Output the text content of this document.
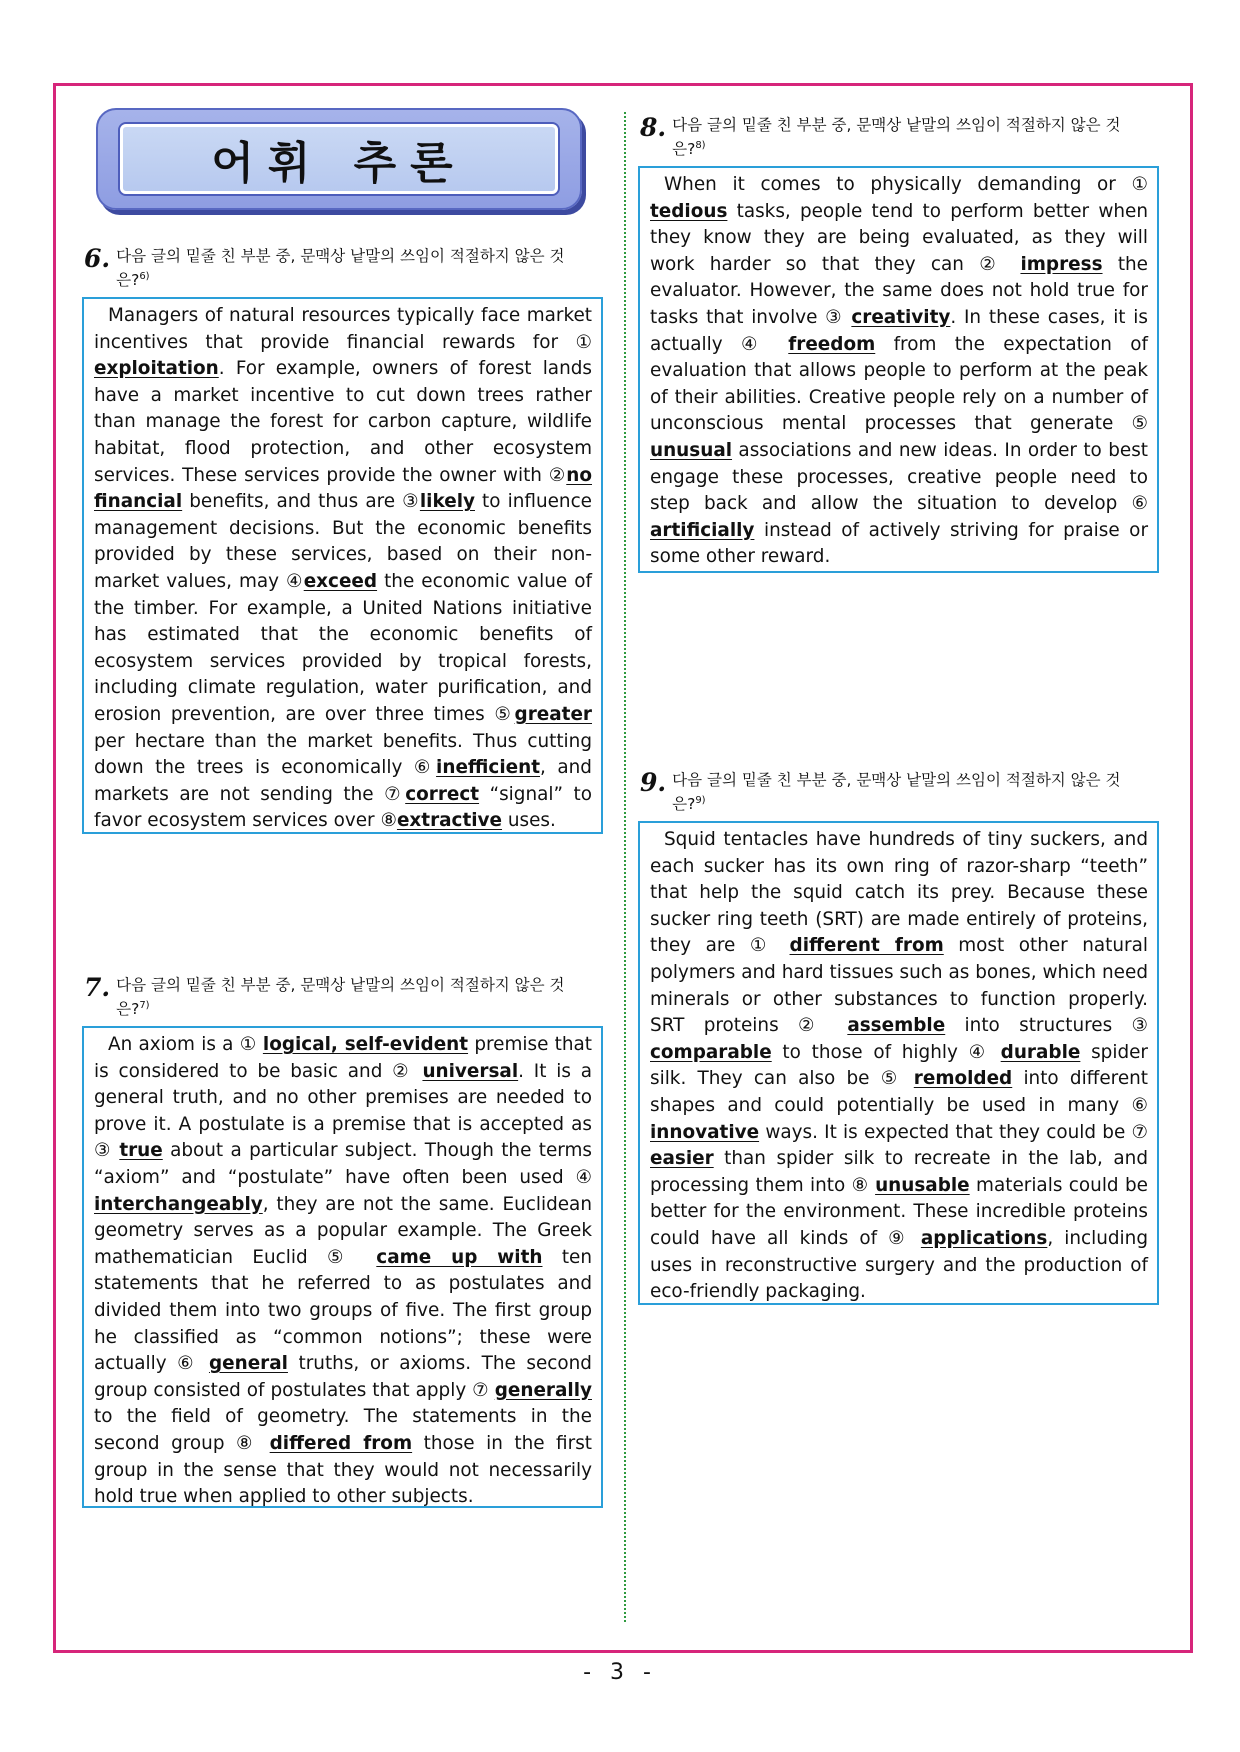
어휘 추론
6. 다음 글의 밑줄 친 부분 중, 문맥상 낱말의 쓰임이 적절하지 않은 것
은?$^{6)}$
Managers of natural resources typically face market incentives that provide financial rewards for ① exploitation. For example, owners of forest lands have a market incentive to cut down trees rather than manage the forest for carbon capture, wildlife habitat, flood protection, and other ecosystem services. These services provide the owner with ②no financial benefits, and thus are ③likely to influence management decisions. But the economic benefits provided by these services, based on their non-market values, may ④exceed the economic value of the timber. For example, a United Nations initiative has estimated that the economic benefits of ecosystem services provided by tropical forests, including climate regulation, water purification, and erosion prevention, are over three times ⑤greater per hectare than the market benefits. Thus cutting down the trees is economically ⑥inefficient, and markets are not sending the ⑦correct “signal” to favor ecosystem services over ⑧extractive uses.
7. 다음 글의 밑줄 친 부분 중, 문맥상 낱말의 쓰임이 적절하지 않은 것
은?$^{7)}$
An axiom is a ① logical, self-evident premise that is considered to be basic and ② universal. It is a general truth, and no other premises are needed to prove it. A postulate is a premise that is accepted as ③ true about a particular subject. Though the terms “axiom” and “postulate” have often been used ④ interchangeably, they are not the same. Euclidean geometry serves as a popular example. The Greek mathematician Euclid ⑤ came up with ten statements that he referred to as postulates and divided them into two groups of five. The first group he classified as “common notions”; these were actually ⑥ general truths, or axioms. The second group consisted of postulates that apply ⑦ generally to the field of geometry. The statements in the second group ⑧ differed from those in the first group in the sense that they would not necessarily hold true when applied to other subjects.
8. 다음 글의 밑줄 친 부분 중, 문맥상 낱말의 쓰임이 적절하지 않은 것
은?$^{8)}$
When it comes to physically demanding or ① tedious tasks, people tend to perform better when they know they are being evaluated, as they will work harder so that they can ② impress the evaluator. However, the same does not hold true for tasks that involve ③ creativity. In these cases, it is actually ④ freedom from the expectation of evaluation that allows people to perform at the peak of their abilities. Creative people rely on a number of unconscious mental processes that generate ⑤ unusual associations and new ideas. In order to best engage these processes, creative people need to step back and allow the situation to develop ⑥ artificially instead of actively striving for praise or some other reward.
9. 다음 글의 밑줄 친 부분 중, 문맥상 낱말의 쓰임이 적절하지 않은 것
은?$^{9)}$
Squid tentacles have hundreds of tiny suckers, and each sucker has its own ring of razor-sharp “teeth” that help the squid catch its prey. Because these sucker ring teeth (SRT) are made entirely of proteins, they are ① different from most other natural polymers and hard tissues such as bones, which need minerals or other substances to function properly. SRT proteins ② assemble into structures ③ comparable to those of highly ④ durable spider silk. They can also be ⑤ remolded into different shapes and could potentially be used in many ⑥ innovative ways. It is expected that they could be ⑦ easier than spider silk to recreate in the lab, and processing them into ⑧ unusable materials could be better for the environment. These incredible proteins could have all kinds of ⑨ applications, including uses in reconstructive surgery and the production of eco-friendly packaging.
- 3 -
